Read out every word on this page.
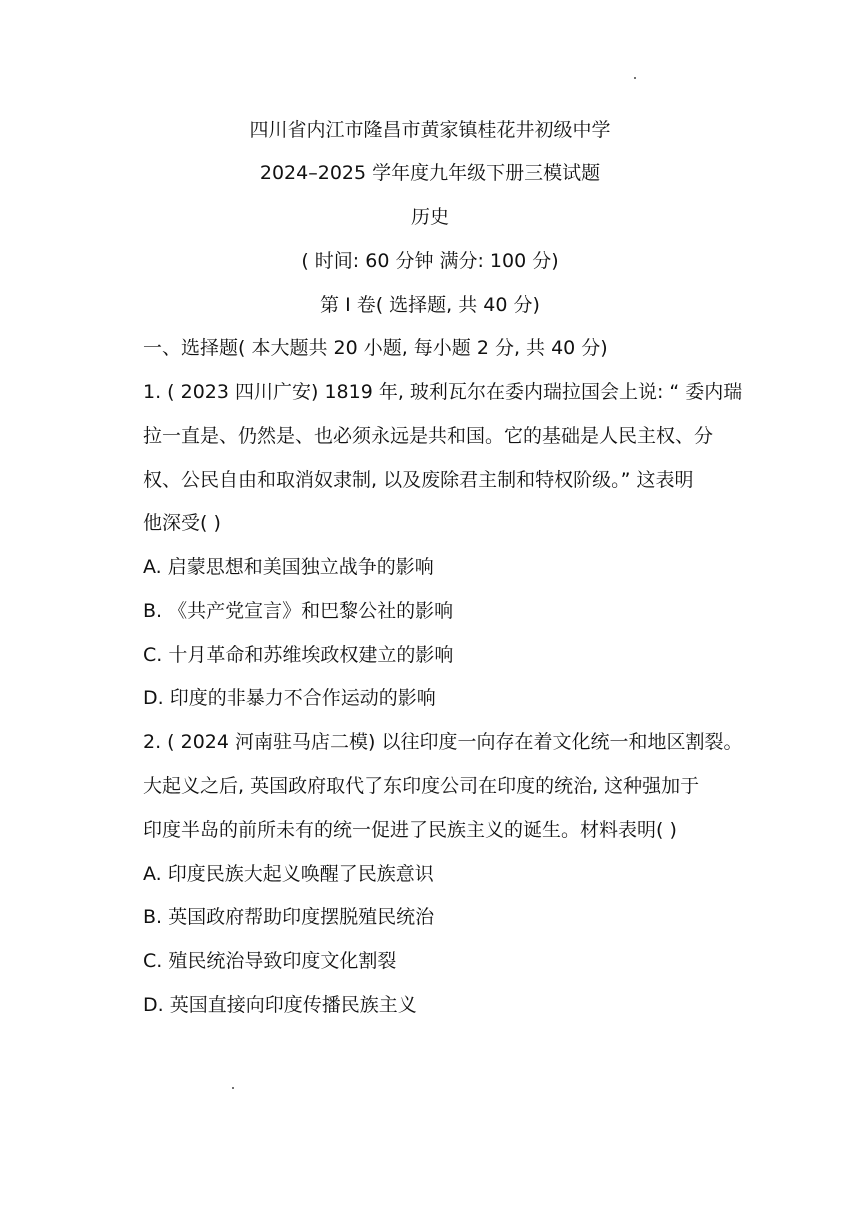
四川省内江市隆昌市黄家镇桂花井初级中学
2024–2025 学年度九年级下册三模试题
历史
( 时间: 60 分钟 满分: 100 分)
第 Ⅰ 卷( 选择题, 共 40 分)
一、选择题( 本大题共 20 小题, 每小题 2 分, 共 40 分)
1. ( 2023 四川广安) 1819 年, 玻利瓦尔在委内瑞拉国会上说: “ 委内瑞
拉一直是、仍然是、也必须永远是共和国。它的基础是人民主权、分
权、公民自由和取消奴隶制, 以及废除君主制和特权阶级。” 这表明
他深受( )
A. 启蒙思想和美国独立战争的影响
B. 《共产党宣言》和巴黎公社的影响
C. 十月革命和苏维埃政权建立的影响
D. 印度的非暴力不合作运动的影响
2. ( 2024 河南驻马店二模) 以往印度一向存在着文化统一和地区割裂。
大起义之后, 英国政府取代了东印度公司在印度的统治, 这种强加于
印度半岛的前所未有的统一促进了民族主义的诞生。材料表明( )
A. 印度民族大起义唤醒了民族意识
B. 英国政府帮助印度摆脱殖民统治
C. 殖民统治导致印度文化割裂
D. 英国直接向印度传播民族主义
